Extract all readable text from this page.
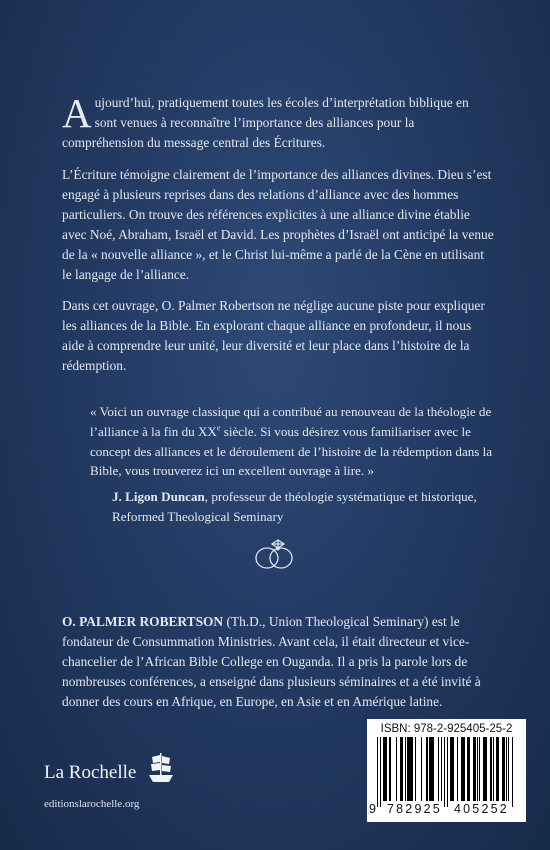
Aujourd’hui, pratiquement toutes les écoles d’interprétation biblique en sont venues à reconnaître l’importance des alliances pour la compréhension du message central des Écritures.

L’Écriture témoigne clairement de l’importance des alliances divines. Dieu s’est engagé à plusieurs reprises dans des relations d’alliance avec des hommes particuliers. On trouve des références explicites à une alliance divine établie avec Noé, Abraham, Israël et David. Les prophètes d’Israël ont anticipé la venue de la « nouvelle alliance », et le Christ lui-même a parlé de la Cène en utilisant le langage de l’alliance.

Dans cet ouvrage, O. Palmer Robertson ne néglige aucune piste pour expliquer les alliances de la Bible. En explorant chaque alliance en profondeur, il nous aide à comprendre leur unité, leur diversité et leur place dans l’histoire de la rédemption.

« Voici un ouvrage classique qui a contribué au renouveau de la théologie de l’alliance à la fin du XXe siècle. Si vous désirez vous familiariser avec le concept des alliances et le déroulement de l’histoire de la rédemption dans la Bible, vous trouverez ici un excellent ouvrage à lire. »

J. Ligon Duncan, professeur de théologie systématique et historique, Reformed Theological Seminary

O. PALMER ROBERTSON (Th.D., Union Theological Seminary) est le fondateur de Consummation Ministries. Avant cela, il était directeur et vice-chancelier de l’African Bible College en Ouganda. Il a pris la parole lors de nombreuses conférences, a enseigné dans plusieurs séminaires et a été invité à donner des cours en Afrique, en Europe, en Asie et en Amérique latine.

La Rochelle
editionslarochelle.org
ISBN: 978-2-925405-25-2
9 782925 405252
